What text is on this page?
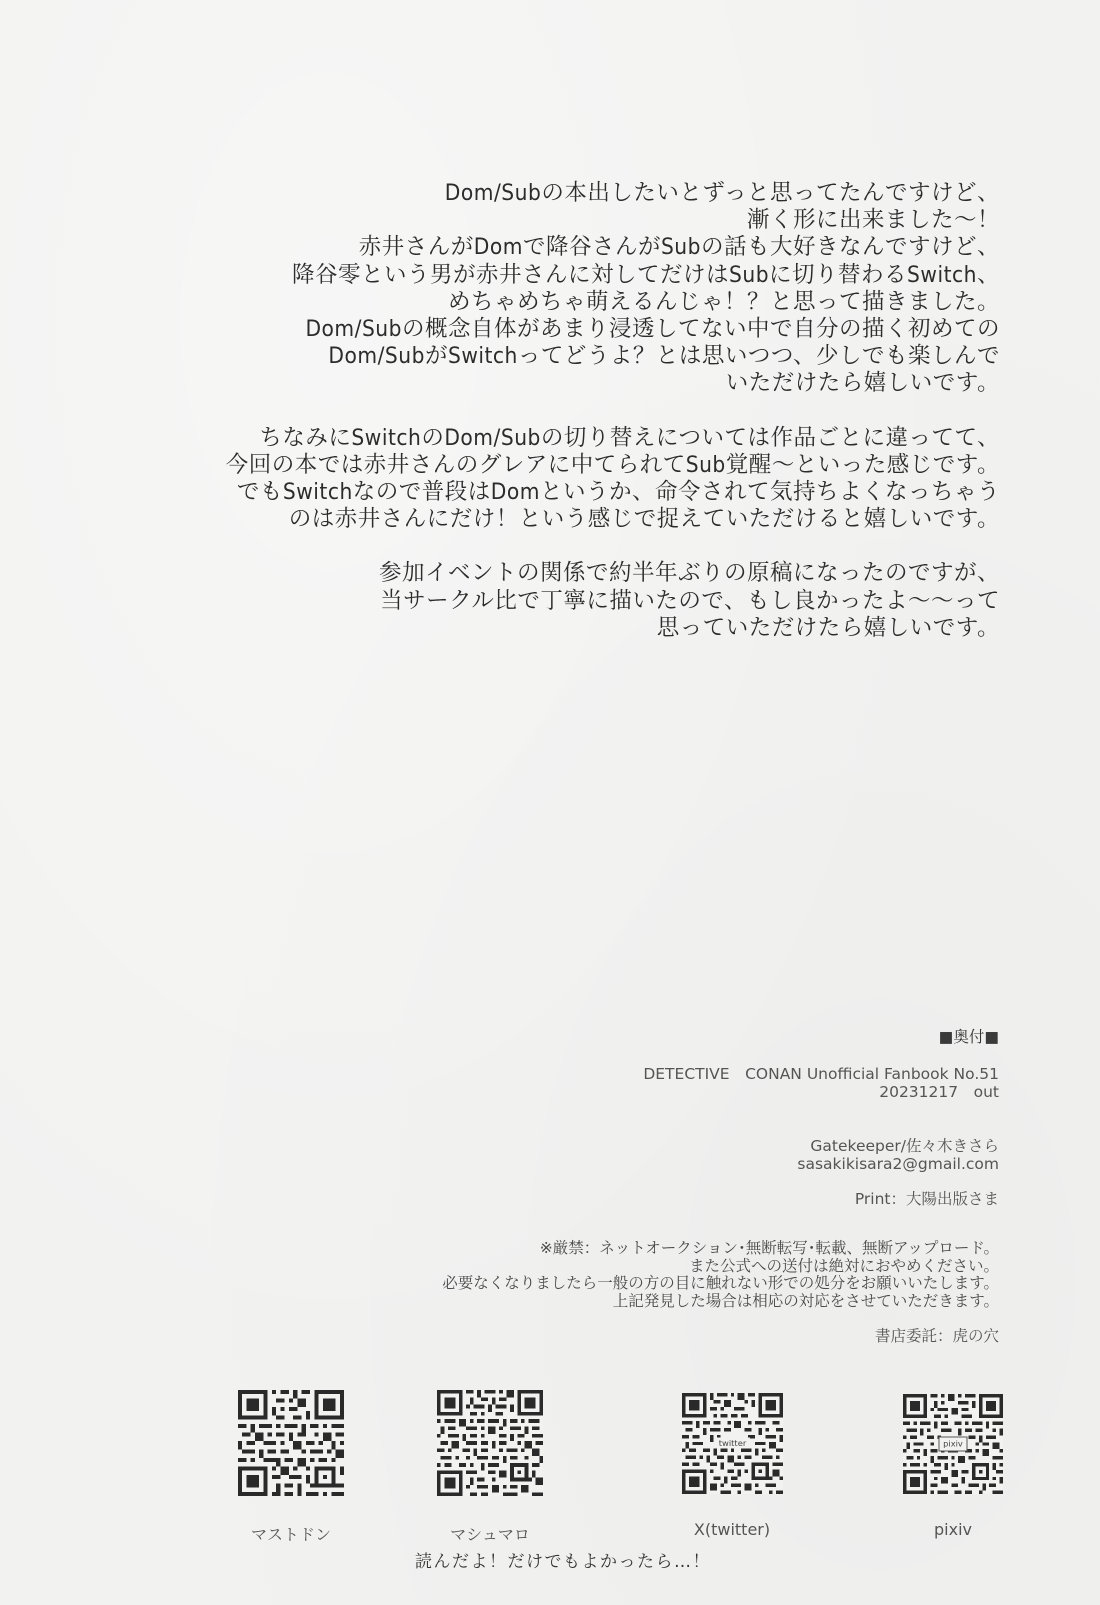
Dom/Subの本出したいとずっと思ってたんですけど、
漸く形に出来ました～！
赤井さんがDomで降谷さんがSubの話も大好きなんですけど、
降谷零という男が赤井さんに対してだけはSubに切り替わるSwitch、
めちゃめちゃ萌えるんじゃ！？と思って描きました。
Dom/Subの概念自体があまり浸透してない中で自分の描く初めての
Dom/SubがSwitchってどうよ？とは思いつつ、少しでも楽しんで
いただけたら嬉しいです。
ちなみにSwitchのDom/Subの切り替えについては作品ごとに違ってて、
今回の本では赤井さんのグレアに中てられてSub覚醒～といった感じです。
でもSwitchなので普段はDomというか、命令されて気持ちよくなっちゃう
のは赤井さんにだけ！という感じで捉えていただけると嬉しいです。
参加イベントの関係で約半年ぶりの原稿になったのですが、
当サークル比で丁寧に描いたので、もし良かったよ～～って
思っていただけたら嬉しいです。
■奥付■
DETECTIVE　CONAN Unofficial Fanbook No.51
20231217　out
Gatekeeper/佐々木きさら
sasakikisara2@gmail.com
Print：大陽出版さま
※厳禁：ネットオークション･無断転写･転載、無断アップロード。
また公式への送付は絶対におやめください。
必要なくなりましたら一般の方の目に触れない形での処分をお願いいたします。
上記発見した場合は相応の対応をさせていただきます。
書店委託：虎の穴
マストドン	マシュマロ
twitter
X(twitter)
pixiv
pixiv
読んだよ！だけでもよかったら…！
